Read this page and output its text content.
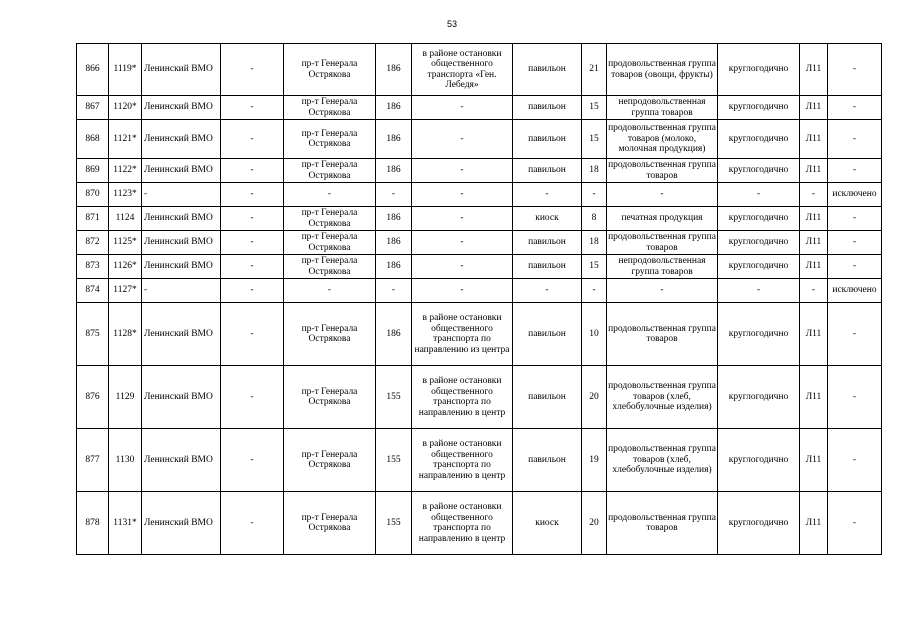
53
866	1119*	Ленинский ВМО	-	пр-т Генерала Острякова	186	в районе остановки общественного транспорта «Ген. Лебедя»	павильон	21	продовольственная группа товаров (овощи, фрукты)	круглогодично	Л11	-
867	1120*	Ленинский ВМО	-	пр-т Генерала Острякова	186	-	павильон	15	непродовольственная группа товаров	круглогодично	Л11	-
868	1121*	Ленинский ВМО	-	пр-т Генерала Острякова	186	-	павильон	15	продовольственная группа товаров (молоко, молочная продукция)	круглогодично	Л11	-
869	1122*	Ленинский ВМО	-	пр-т Генерала Острякова	186	-	павильон	18	продовольственная группа товаров	круглогодично	Л11	-
870	1123*	-	-	-	-	-	-	-	-	-	-	исключено
871	1124	Ленинский ВМО	-	пр-т Генерала Острякова	186	-	киоск	8	печатная продукция	круглогодично	Л11	-
872	1125*	Ленинский ВМО	-	пр-т Генерала Острякова	186	-	павильон	18	продовольственная группа товаров	круглогодично	Л11	-
873	1126*	Ленинский ВМО	-	пр-т Генерала Острякова	186	-	павильон	15	непродовольственная группа товаров	круглогодично	Л11	-
874	1127*	-	-	-	-	-	-	-	-	-	-	исключено
875	1128*	Ленинский ВМО	-	пр-т Генерала Острякова	186	в районе остановки общественного транспорта по направлению из центра	павильон	10	продовольственная группа товаров	круглогодично	Л11	-
876	1129	Ленинский ВМО	-	пр-т Генерала Острякова	155	в районе остановки общественного транспорта по направлению в центр	павильон	20	продовольственная группа товаров (хлеб, хлебобулочные изделия)	круглогодично	Л11	-
877	1130	Ленинский ВМО	-	пр-т Генерала Острякова	155	в районе остановки общественного транспорта по направлению в центр	павильон	19	продовольственная группа товаров (хлеб, хлебобулочные изделия)	круглогодично	Л11	-
878	1131*	Ленинский ВМО	-	пр-т Генерала Острякова	155	в районе остановки общественного транспорта по направлению в центр	киоск	20	продовольственная группа товаров	круглогодично	Л11	-
